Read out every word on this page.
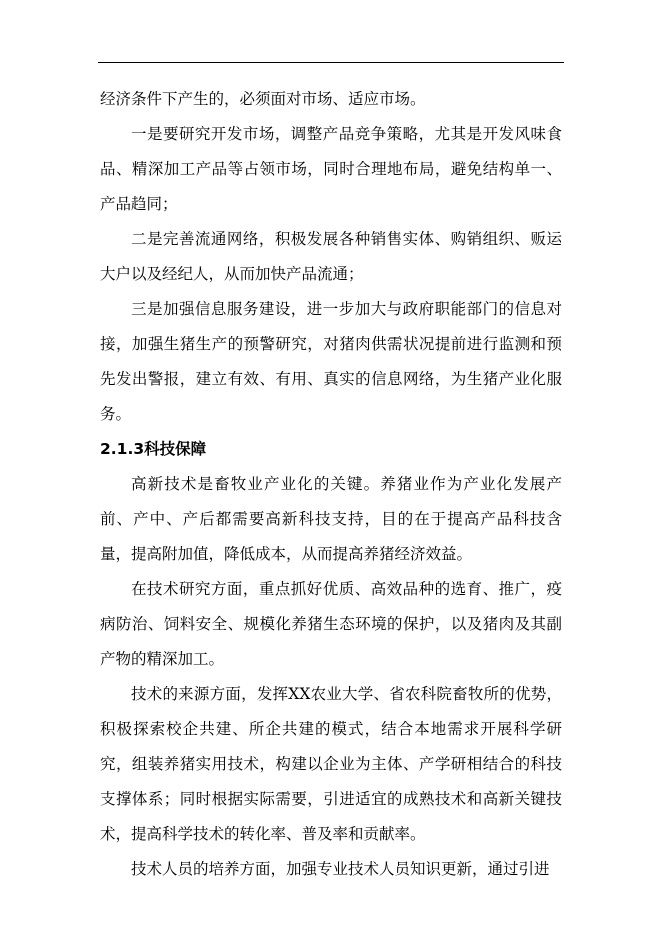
经济条件下产生的，必须面对市场、适应市场。

一是要研究开发市场，调整产品竞争策略，尤其是开发风味食品、精深加工产品等占领市场，同时合理地布局，避免结构单一、产品趋同；

二是完善流通网络，积极发展各种销售实体、购销组织、贩运大户以及经纪人，从而加快产品流通；

三是加强信息服务建设，进一步加大与政府职能部门的信息对接，加强生猪生产的预警研究，对猪肉供需状况提前进行监测和预先发出警报，建立有效、有用、真实的信息网络，为生猪产业化服务。

2.1.3科技保障

高新技术是畜牧业产业化的关键。养猪业作为产业化发展产前、产中、产后都需要高新科技支持，目的在于提高产品科技含量，提高附加值，降低成本，从而提高养猪经济效益。

在技术研究方面，重点抓好优质、高效品种的选育、推广，疫病防治、饲料安全、规模化养猪生态环境的保护，以及猪肉及其副产物的精深加工。

技术的来源方面，发挥XX农业大学、省农科院畜牧所的优势，积极探索校企共建、所企共建的模式，结合本地需求开展科学研究，组装养猪实用技术，构建以企业为主体、产学研相结合的科技支撑体系；同时根据实际需要，引进适宜的成熟技术和高新关键技术，提高科学技术的转化率、普及率和贡献率。

技术人员的培养方面，加强专业技术人员知识更新，通过引进
